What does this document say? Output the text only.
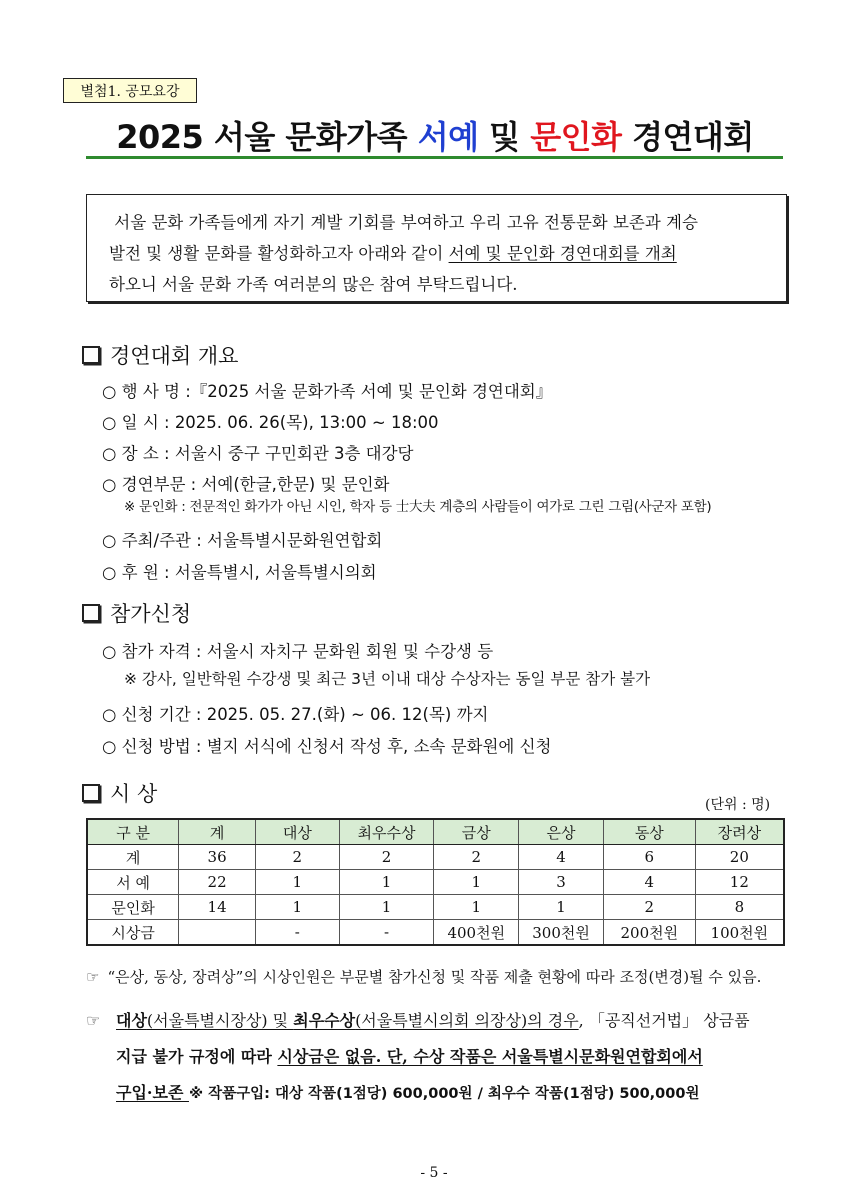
별첨1. 공모요강
2025 서울 문화가족 서예 및 문인화 경연대회

서울 문화 가족들에게 자기 계발 기회를 부여하고 우리 고유 전통문화 보존과 계승

발전 및 생활 문화를 활성화하고자 아래와 같이 서예 및 문인화 경연대회를 개최

하오니 서울 문화 가족 여러분의 많은 참여 부탁드립니다.

경연대회 개요
○ 행 사 명 :『2025 서울 문화가족 서예 및 문인화 경연대회』
○ 일 시 : 2025. 06. 26(목), 13:00 ~ 18:00
○ 장 소 : 서울시 중구 구민회관 3층 대강당
○ 경연부문 : 서예(한글,한문) 및 문인화
※ 문인화 : 전문적인 화가가 아닌 시인, 학자 등 士大夫 계층의 사람들이 여가로 그린 그림(사군자 포함)
○ 주최/주관 : 서울특별시문화원연합회
○ 후 원 : 서울특별시, 서울특별시의회
참가신청
○ 참가 자격 : 서울시 자치구 문화원 회원 및 수강생 등
※ 강사, 일반학원 수강생 및 최근 3년 이내 대상 수상자는 동일 부문 참가 불가
○ 신청 기간 : 2025. 05. 27.(화) ~ 06. 12(목) 까지
○ 신청 방법 : 별지 서식에 신청서 작성 후, 소속 문화원에 신청
시 상	(단위 : 명)
구 분	계	대상	최우수상	금상	은상	동상	장려상
계	36	2	2	2	4	6	20
서 예	22	1	1	1	3	4	12
문인화	14	1	1	1	1	2	8
시상금		-	-	400천원	300천원	200천원	100천원
☞ “은상, 동상, 장려상”의 시상인원은 부문별 참가신청 및 작품 제출 현황에 따라 조정(변경)될 수 있음.

☞ 대상(서울특별시장상) 및 최우수상(서울특별시의회 의장상)의 경우, 「공직선거법」 상금품

지급 불가 규정에 따라 시상금은 없음. 단, 수상 작품은 서울특별시문화원연합회에서

구입·보존 ※ 작품구입: 대상 작품(1점당) 600,000원 / 최우수 작품(1점당) 500,000원

- 5 -
